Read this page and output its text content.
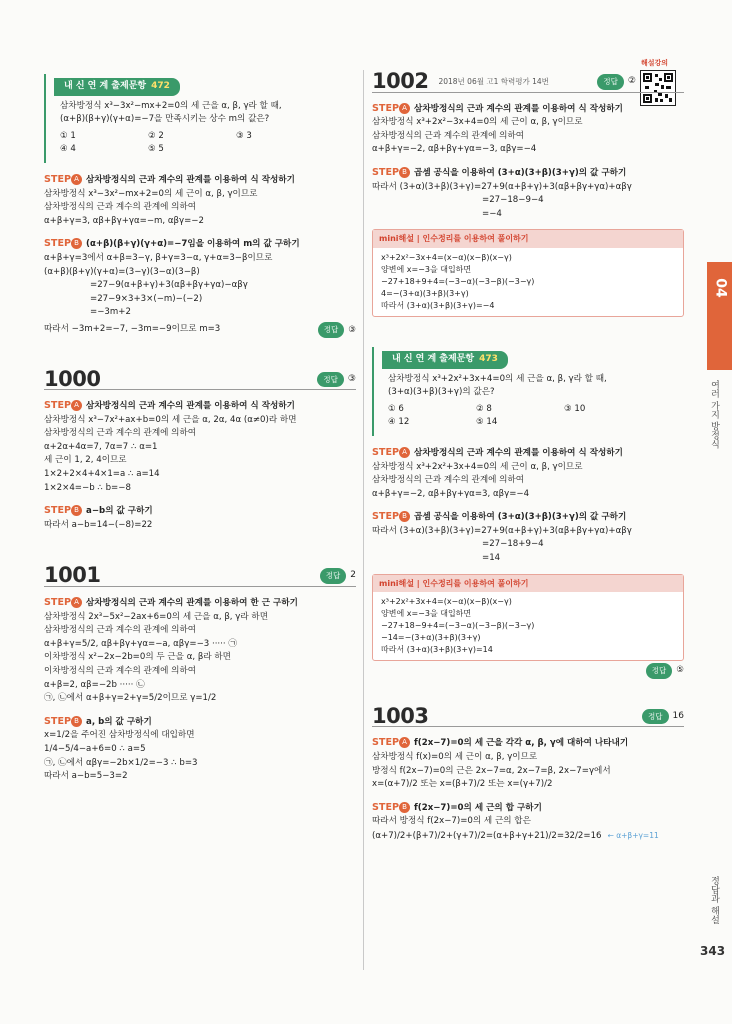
해설강의
04
여러 가지 방정식
정답과 해설
343
내 신 연 계 출제문항 472
삼차방정식 x³−3x²−mx+2=0의 세 근을 α, β, γ라 할 때,
(α+β)(β+γ)(γ+α)=−7을 만족시키는 상수 m의 값은?
① 1	② 2	③ 3
④ 4	⑤ 5
STEP A 삼차방정식의 근과 계수의 관계를 이용하여 식 작성하기
삼차방정식 x³−3x²−mx+2=0의 세 근이 α, β, γ이므로
삼차방정식의 근과 계수의 관계에 의하여
α+β+γ=3, αβ+βγ+γα=−m, αβγ=−2
STEP B (α+β)(β+γ)(γ+α)=−7임을 이용하여 m의 값 구하기
α+β+γ=3에서 α+β=3−γ, β+γ=3−α, γ+α=3−β이므로
(α+β)(β+γ)(γ+α)=(3−γ)(3−α)(3−β)
=27−9(α+β+γ)+3(αβ+βγ+γα)−αβγ
=27−9×3+3×(−m)−(−2)
=−3m+2
따라서 −3m+2=−7, −3m=−9이므로 m=3	정답 ③
1000	정답	③
STEP A 삼차방정식의 근과 계수의 관계를 이용하여 식 작성하기
삼차방정식 x³−7x²+ax+b=0의 세 근을 α, 2α, 4α (α≠0)라 하면
삼차방정식의 근과 계수의 관계에 의하여
α+2α+4α=7, 7α=7 ∴ α=1
세 근이 1, 2, 4이므로
1×2+2×4+4×1=a ∴ a=14
1×2×4=−b ∴ b=−8
STEP B a−b의 값 구하기
따라서 a−b=14−(−8)=22
1001	정답	2
STEP A 삼차방정식의 근과 계수의 관계를 이용하여 한 근 구하기
삼차방정식 2x³−5x²−2ax+6=0의 세 근을 α, β, γ라 하면
삼차방정식의 근과 계수의 관계에 의하여
α+β+γ=5/2, αβ+βγ+γα=−a, αβγ=−3 ····· ㉠
이차방정식 x²−2x−2b=0의 두 근을 α, β라 하면
이차방정식의 근과 계수의 관계에 의하여
α+β=2, αβ=−2b ····· ㉡
㉠, ㉡에서 α+β+γ=2+γ=5/2이므로 γ=1/2
STEP B a, b의 값 구하기
x=1/2을 주어진 삼차방정식에 대입하면
1/4−5/4−a+6=0 ∴ a=5
㉠, ㉡에서 αβγ=−2b×1/2=−3 ∴ b=3
따라서 a−b=5−3=2
1002 2018년 06월 고1 학력평가 14번	정답	②
STEP A 삼차방정식의 근과 계수의 관계를 이용하여 식 작성하기
삼차방정식 x³+2x²−3x+4=0의 세 근이 α, β, γ이므로
삼차방정식의 근과 계수의 관계에 의하여
α+β+γ=−2, αβ+βγ+γα=−3, αβγ=−4
STEP B 곱셈 공식을 이용하여 (3+α)(3+β)(3+γ)의 값 구하기
따라서 (3+α)(3+β)(3+γ)=27+9(α+β+γ)+3(αβ+βγ+γα)+αβγ
=27−18−9−4
=−4
mini해설 | 인수정리를 이용하여 풀이하기
x³+2x²−3x+4=(x−α)(x−β)(x−γ)
양변에 x=−3을 대입하면
−27+18+9+4=(−3−α)(−3−β)(−3−γ)
4=−(3+α)(3+β)(3+γ)
따라서 (3+α)(3+β)(3+γ)=−4
내 신 연 계 출제문항 473
삼차방정식 x³+2x²+3x+4=0의 세 근을 α, β, γ라 할 때,
(3+α)(3+β)(3+γ)의 값은?
① 6	② 8	③ 10
④ 12	⑤ 14
STEP A 삼차방정식의 근과 계수의 관계를 이용하여 식 작성하기
삼차방정식 x³+2x²+3x+4=0의 세 근이 α, β, γ이므로
삼차방정식의 근과 계수의 관계에 의하여
α+β+γ=−2, αβ+βγ+γα=3, αβγ=−4
STEP B 곱셈 공식을 이용하여 (3+α)(3+β)(3+γ)의 값 구하기
따라서 (3+α)(3+β)(3+γ)=27+9(α+β+γ)+3(αβ+βγ+γα)+αβγ
=27−18+9−4
=14
mini해설 | 인수정리를 이용하여 풀이하기
x³+2x²+3x+4=(x−α)(x−β)(x−γ)
양변에 x=−3을 대입하면
−27+18−9+4=(−3−α)(−3−β)(−3−γ)
−14=−(3+α)(3+β)(3+γ)
따라서 (3+α)(3+β)(3+γ)=14
정답	⑤
1003	정답	16
STEP A f(2x−7)=0의 세 근을 각각 α, β, γ에 대하여 나타내기
삼차방정식 f(x)=0의 세 근이 α, β, γ이므로
방정식 f(2x−7)=0의 근은 2x−7=α, 2x−7=β, 2x−7=γ에서
x=(α+7)/2 또는 x=(β+7)/2 또는 x=(γ+7)/2
STEP B f(2x−7)=0의 세 근의 합 구하기
따라서 방정식 f(2x−7)=0의 세 근의 합은
(α+7)/2+(β+7)/2+(γ+7)/2=(α+β+γ+21)/2=32/2=16 ← α+β+γ=11
